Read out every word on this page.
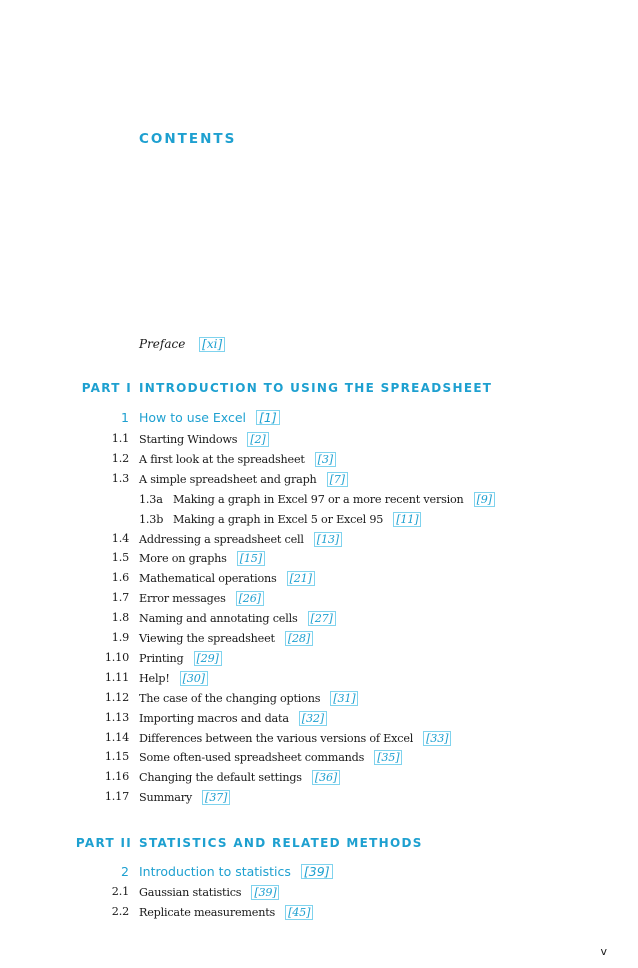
CONTENTS
Preface [xi]
PART I INTRODUCTION TO USING THE SPREADSHEET
1 How to use Excel [1]
1.1 Starting Windows [2]
1.2 A first look at the spreadsheet [3]
1.3 A simple spreadsheet and graph [7]
1.3a Making a graph in Excel 97 or a more recent version [9]
1.3b Making a graph in Excel 5 or Excel 95 [11]
1.4 Addressing a spreadsheet cell [13]
1.5 More on graphs [15]
1.6 Mathematical operations [21]
1.7 Error messages [26]
1.8 Naming and annotating cells [27]
1.9 Viewing the spreadsheet [28]
1.10 Printing [29]
1.11 Help! [30]
1.12 The case of the changing options [31]
1.13 Importing macros and data [32]
1.14 Differences between the various versions of Excel [33]
1.15 Some often-used spreadsheet commands [35]
1.16 Changing the default settings [36]
1.17 Summary [37]
PART II STATISTICS AND RELATED METHODS
2 Introduction to statistics [39]
2.1 Gaussian statistics [39]
2.2 Replicate measurements [45]
v
